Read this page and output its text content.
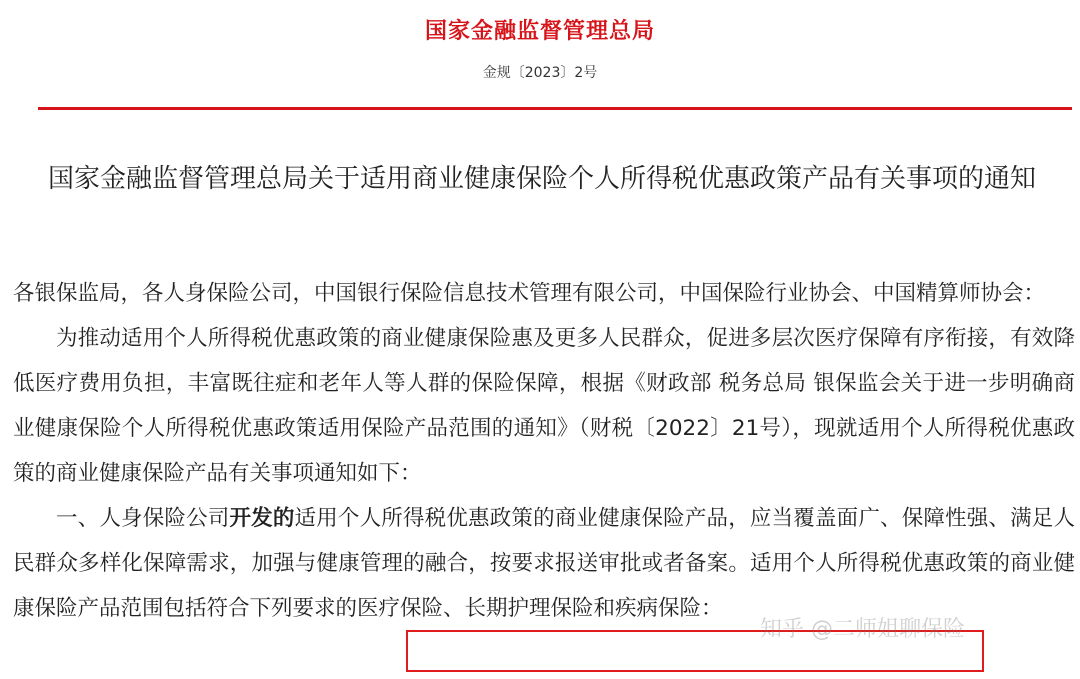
国家金融监督管理总局
金规〔2023〕2号
国家金融监督管理总局关于适用商业健康保险个人所得税优惠政策产品有关事项的通知

各银保监局，各人身保险公司，中国银行保险信息技术管理有限公司，中国保险行业协会、中国精算师协会：

为推动适用个人所得税优惠政策的商业健康保险惠及更多人民群众，促进多层次医疗保障有序衔接，有效降低医疗费用负担，丰富既往症和老年人等人群的保险保障，根据《财政部 税务总局 银保监会关于进一步明确商业健康保险个人所得税优惠政策适用保险产品范围的通知》（财税〔2022〕21号），现就适用个人所得税优惠政策的商业健康保险产品有关事项通知如下：

一、人身保险公司开发的适用个人所得税优惠政策的商业健康保险产品，应当覆盖面广、保障性强、满足人民群众多样化保障需求，加强与健康管理的融合，按要求报送审批或者备案。适用个人所得税优惠政策的商业健康保险产品范围包括符合下列要求的医疗保险、长期护理保险和疾病保险：

知乎 @二师姐聊保险
